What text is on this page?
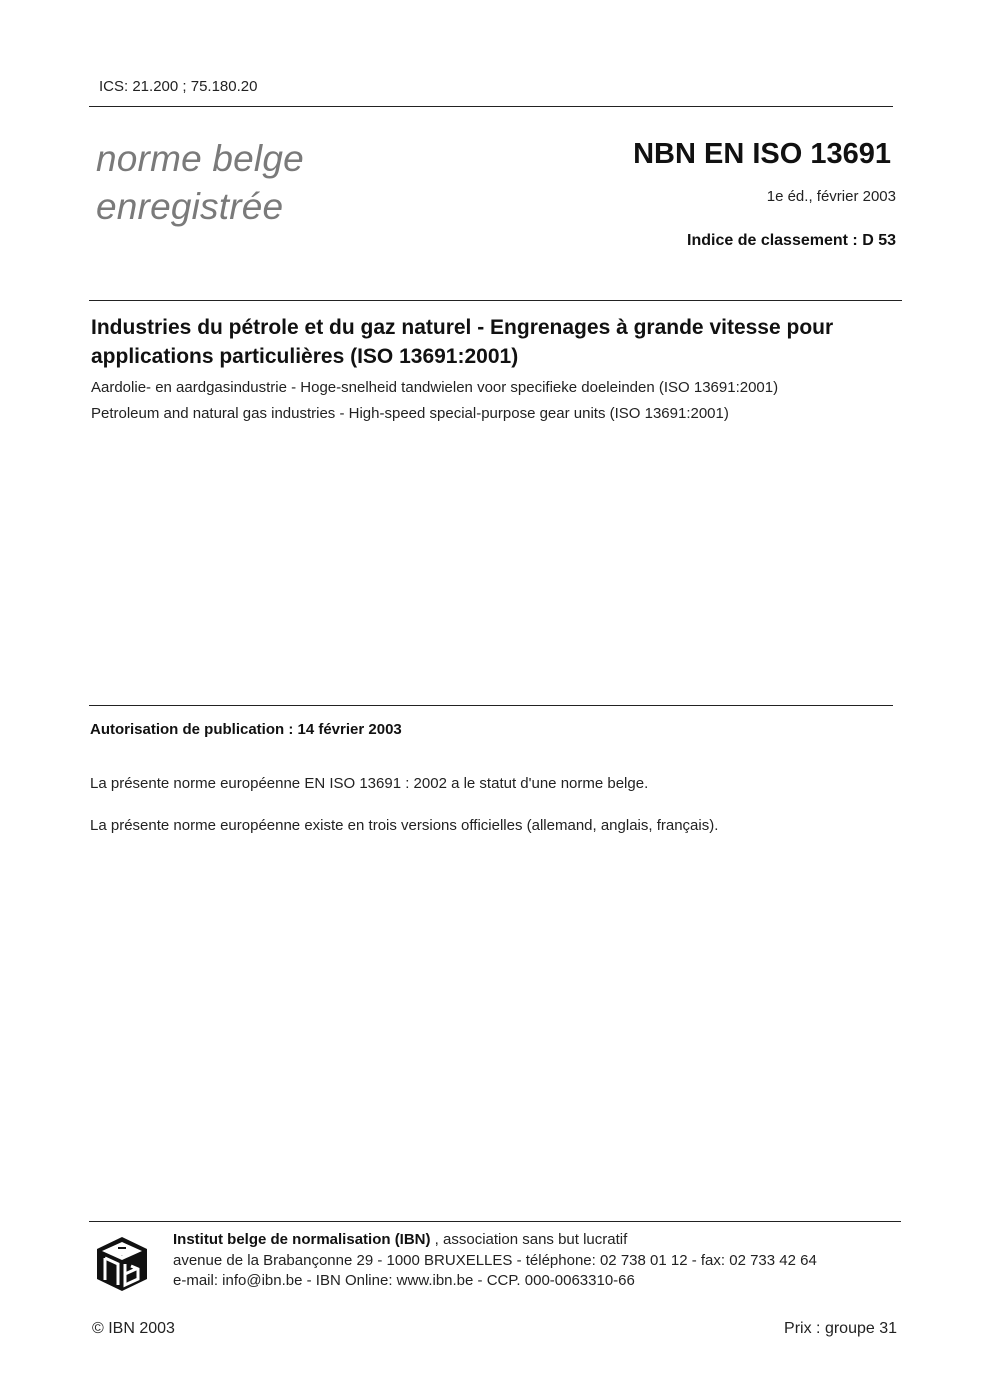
ICS: 21.200 ; 75.180.20
norme belge
enregistrée
NBN EN ISO 13691
1e éd., février 2003
Indice de classement : D 53
Industries du pétrole et du gaz naturel - Engrenages à grande vitesse pour applications particulières (ISO 13691:2001)
Aardolie- en aardgasindustrie - Hoge-snelheid tandwielen voor specifieke doeleinden (ISO 13691:2001)
Petroleum and natural gas industries - High-speed special-purpose gear units (ISO 13691:2001)
Autorisation de publication : 14 février 2003
La présente norme européenne EN ISO 13691 : 2002 a le statut d'une norme belge.
La présente norme européenne existe en trois versions officielles (allemand, anglais, français).
IBN
Institut belge de normalisation (IBN) , association sans but lucratif
avenue de la Brabançonne 29 - 1000 BRUXELLES - téléphone: 02 738 01 12 - fax: 02 733 42 64
e-mail: info@ibn.be - IBN Online: www.ibn.be - CCP. 000-0063310-66
© IBN 2003	Prix : groupe 31
